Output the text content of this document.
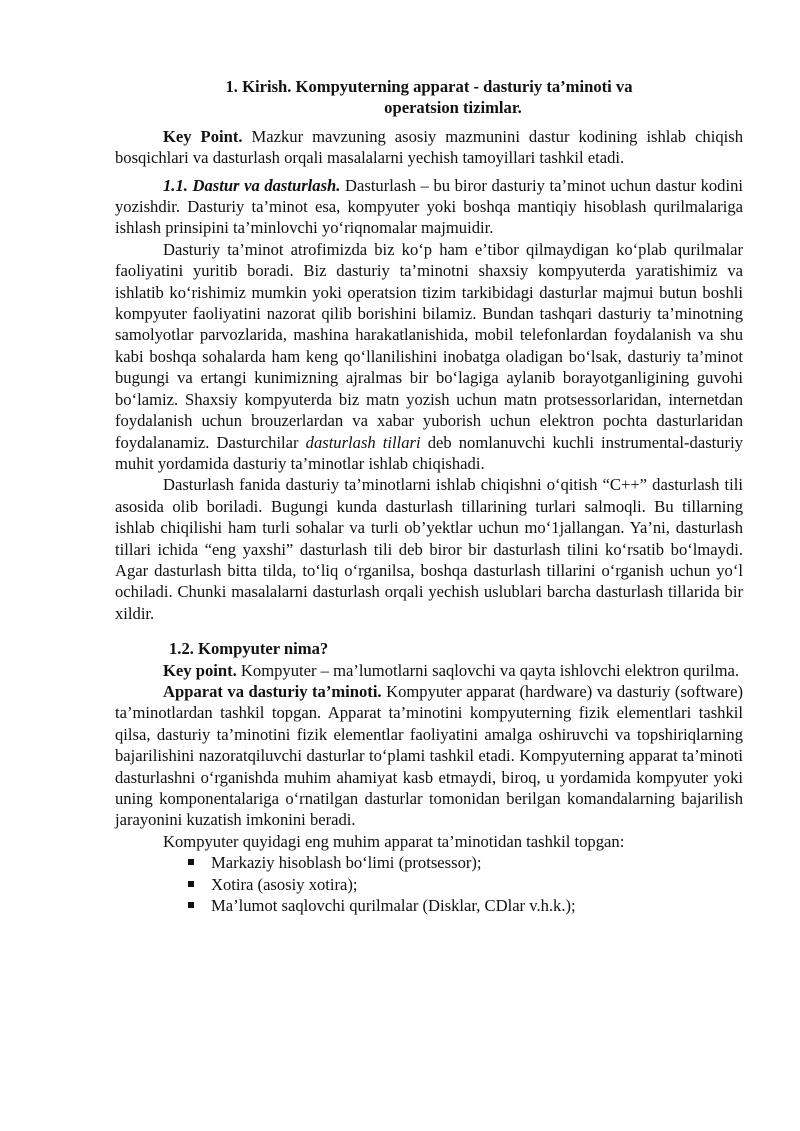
1. Kirish. Kompyuterning apparat - dasturiy ta’minoti va
operatsion tizimlar.

Key Point. Mazkur mavzuning asosiy mazmunini dastur kodining ishlab chiqish bosqichlari va dasturlash orqali masalalarni yechish tamoyillari tashkil etadi.

1.1. Dastur va dasturlash. Dasturlash – bu biror dasturiy ta’minot uchun dastur kodini yozishdir. Dasturiy ta’minot esa, kompyuter yoki boshqa mantiqiy hisoblash qurilmalariga ishlash prinsipini ta’minlovchi yo‘riqnomalar majmuidir.

Dasturiy ta’minot atrofimizda biz ko‘p ham e’tibor qilmaydigan ko‘plab qurilmalar faoliyatini yuritib boradi. Biz dasturiy ta’minotni shaxsiy kompyuterda yaratishimiz va ishlatib ko‘rishimiz mumkin yoki operatsion tizim tarkibidagi dasturlar majmui butun boshli kompyuter faoliyatini nazorat qilib borishini bilamiz. Bundan tashqari dasturiy ta’minotning samolyotlar parvozlarida, mashina harakatlanishida, mobil telefonlardan foydalanish va shu kabi boshqa sohalarda ham keng qo‘llanilishini inobatga oladigan bo‘lsak, dasturiy ta’minot bugungi va ertangi kunimizning ajralmas bir bo‘lagiga aylanib borayotganligining guvohi bo‘lamiz. Shaxsiy kompyuterda biz matn yozish uchun matn protsessorlaridan, internetdan foydalanish uchun brouzerlardan va xabar yuborish uchun elektron pochta dasturlaridan foydalanamiz. Dasturchilar dasturlash tillari deb nomlanuvchi kuchli instrumental-dasturiy muhit yordamida dasturiy ta’minotlar ishlab chiqishadi.

Dasturlash fanida dasturiy ta’minotlarni ishlab chiqishni o‘qitish “C++” dasturlash tili asosida olib boriladi. Bugungi kunda dasturlash tillarining turlari salmoqli. Bu tillarning ishlab chiqilishi ham turli sohalar va turli ob’yektlar uchun mo‘1jallangan. Ya’ni, dasturlash tillari ichida “eng yaxshi” dasturlash tili deb biror bir dasturlash tilini ko‘rsatib bo‘lmaydi. Agar dasturlash bitta tilda, to‘liq o‘rganilsa, boshqa dasturlash tillarini o‘rganish uchun yo‘l ochiladi. Chunki masalalarni dasturlash orqali yechish uslublari barcha dasturlash tillarida bir xildir.

1.2. Kompyuter nima?

Key point. Kompyuter – ma’lumotlarni saqlovchi va qayta ishlovchi elektron qurilma.

Apparat va dasturiy ta’minoti. Kompyuter apparat (hardware) va dasturiy (software) ta’minotlardan tashkil topgan. Apparat ta’minotini kompyuterning fizik elementlari tashkil qilsa, dasturiy ta’minotini fizik elementlar faoliyatini amalga oshiruvchi va topshiriqlarning bajarilishini nazoratqiluvchi dasturlar to‘plami tashkil etadi. Kompyuterning apparat ta’minoti dasturlashni o‘rganishda muhim ahamiyat kasb etmaydi, biroq, u yordamida kompyuter yoki uning komponentalariga o‘rnatilgan dasturlar tomonidan berilgan komandalarning bajarilish jarayonini kuzatish imkonini beradi.

Kompyuter quyidagi eng muhim apparat ta’minotidan tashkil topgan:

Markaziy hisoblash bo‘limi (protsessor);
Xotira (asosiy xotira);
Ma’lumot saqlovchi qurilmalar (Disklar, CDlar v.h.k.);
